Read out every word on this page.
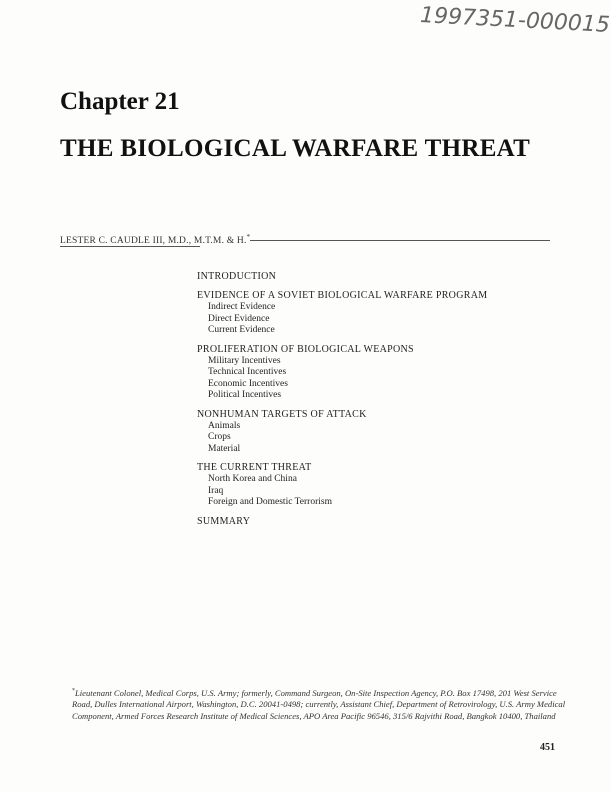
1997351-000015
Chapter 21
THE BIOLOGICAL WARFARE THREAT
LESTER C. CAUDLE III, M.D., M.T.M. & H.*
INTRODUCTION
EVIDENCE OF A SOVIET BIOLOGICAL WARFARE PROGRAM
Indirect Evidence
Direct Evidence
Current Evidence
PROLIFERATION OF BIOLOGICAL WEAPONS
Military Incentives
Technical Incentives
Economic Incentives
Political Incentives
NONHUMAN TARGETS OF ATTACK
Animals
Crops
Material
THE CURRENT THREAT
North Korea and China
Iraq
Foreign and Domestic Terrorism
SUMMARY
*Lieutenant Colonel, Medical Corps, U.S. Army; formerly, Command Surgeon, On-Site Inspection Agency, P.O. Box 17498, 201 West Service Road, Dulles International Airport, Washington, D.C. 20041-0498; currently, Assistant Chief, Department of Retrovirology, U.S. Army Medical Component, Armed Forces Research Institute of Medical Sciences, APO Area Pacific 96546, 315/6 Rajvithi Road, Bangkok 10400, Thailand
451
